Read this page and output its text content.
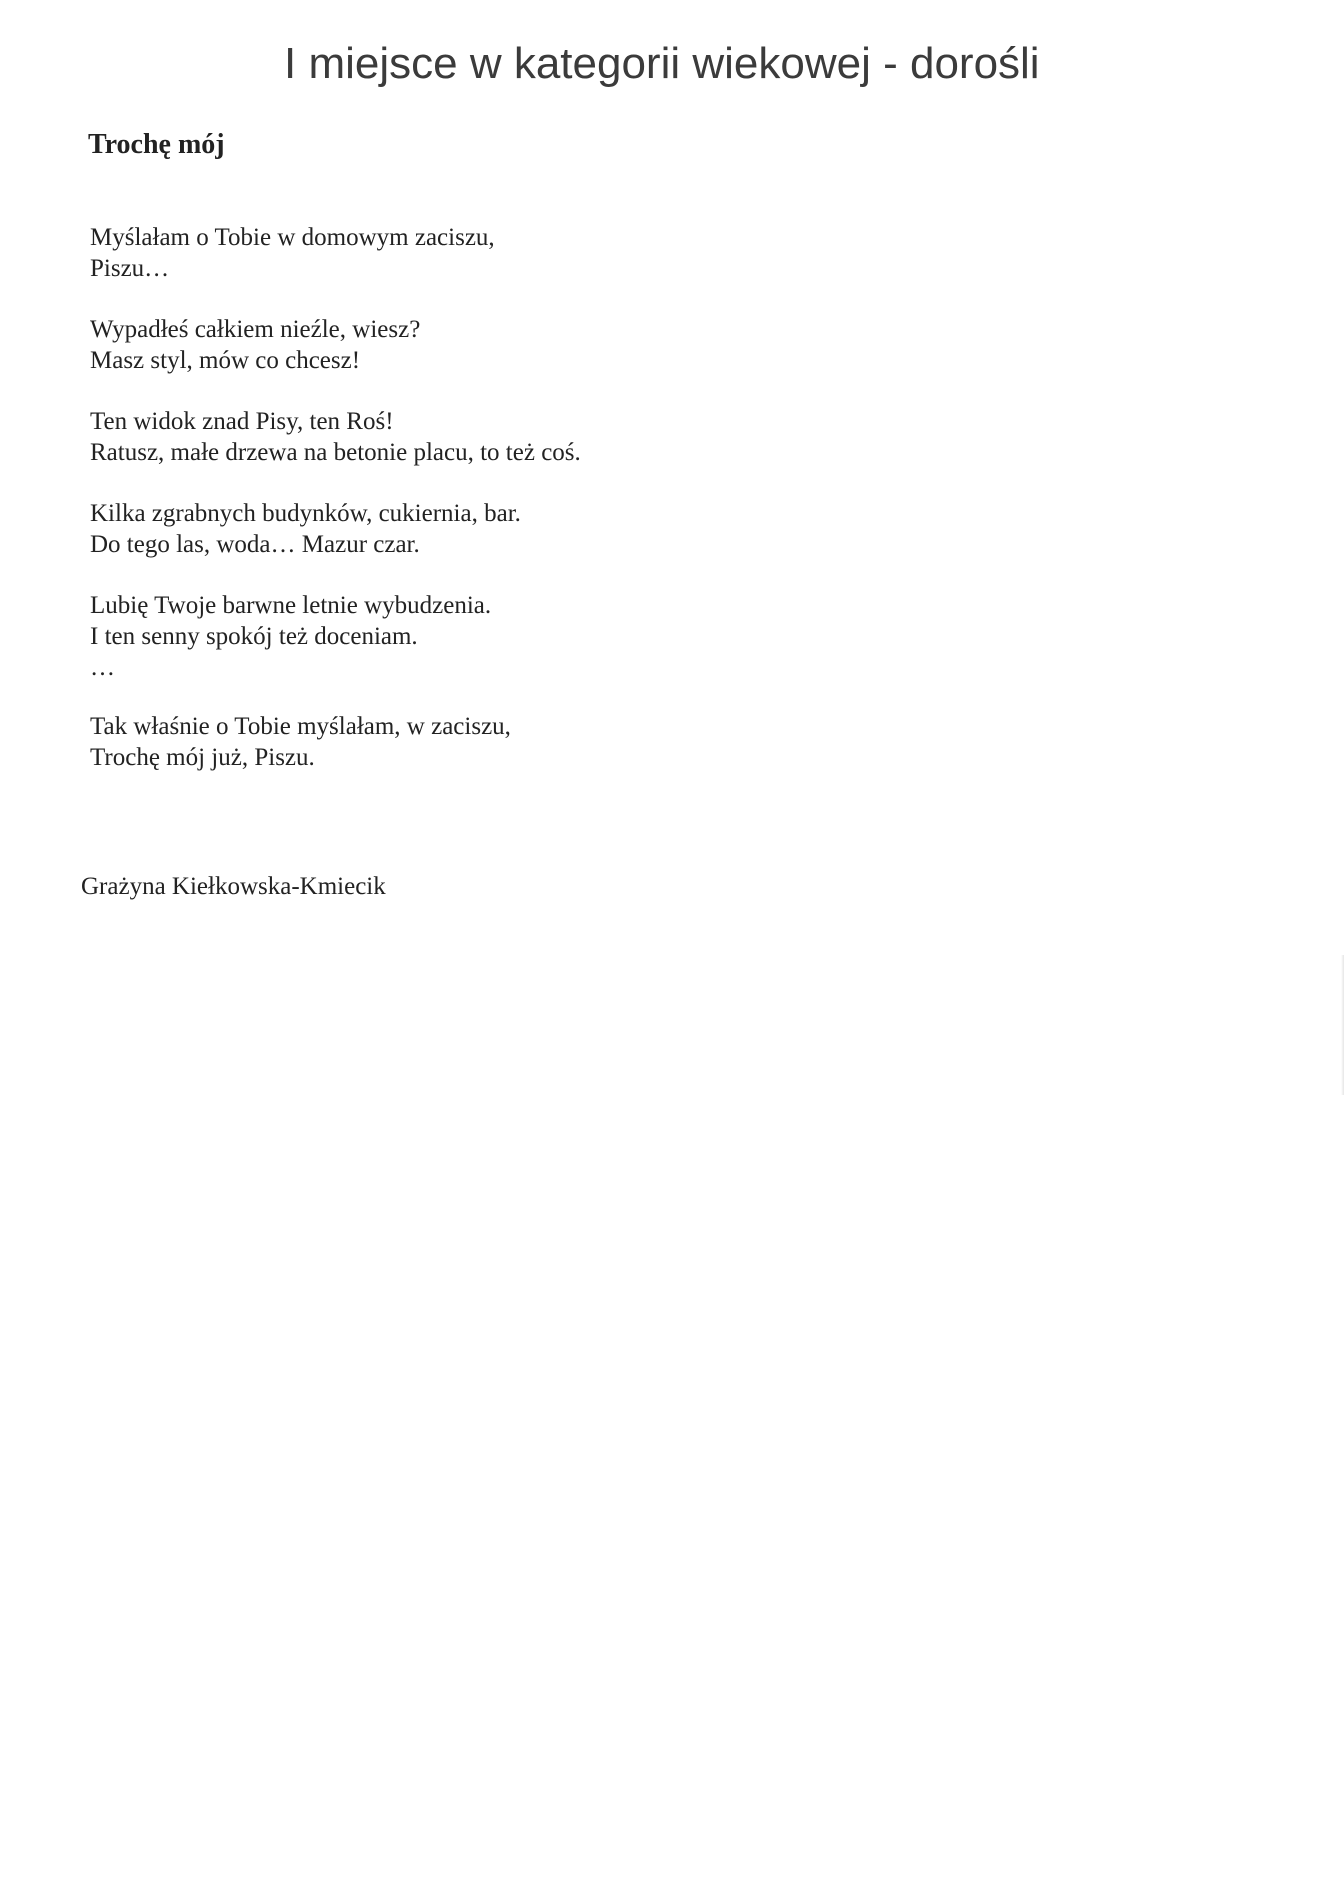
I miejsce w kategorii wiekowej - dorośli
Trochę mój

Myślałam o Tobie w domowym zaciszu,
Piszu…

Wypadłeś całkiem nieźle, wiesz?
Masz styl, mów co chcesz!

Ten widok znad Pisy, ten Roś!
Ratusz, małe drzewa na betonie placu, to też coś.

Kilka zgrabnych budynków, cukiernia, bar.
Do tego las, woda… Mazur czar.

Lubię Twoje barwne letnie wybudzenia.
I ten senny spokój też doceniam.
…

Tak właśnie o Tobie myślałam, w zaciszu,
Trochę mój już, Piszu.

Grażyna Kiełkowska-Kmiecik
